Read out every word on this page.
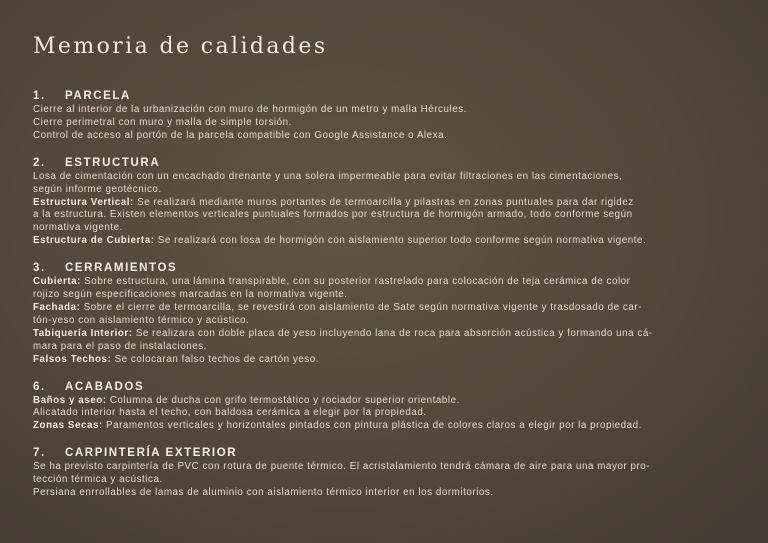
Memoria de calidades
1.	PARCELA

Cierre al interior de la urbanización con muro de hormigón de un metro y malla Hércules.

Cierre perimetral con muro y malla de simple torsión.

Control de acceso al portón de la parcela compatible con Google Assistance o Alexa.

2.	ESTRUCTURA

Losa de cimentación con un encachado drenante y una solera impermeable para evitar filtraciones en las cimentaciones,

según informe geotécnico.

Estructura Vertical: Se realizará mediante muros portantes de termoarcilla y pilastras en zonas puntuales para dar rigidez

a la estructura. Existen elementos verticales puntuales formados por estructura de hormigón armado, todo conforme según

normativa vigente.

Estructura de Cubierta: Se realizará con losa de hormigón con aislamiento superior todo conforme según normativa vigente.

3.	CERRAMIENTOS

Cubierta: Sobre estructura, una lámina transpirable, con su posterior rastrelado para colocación de teja cerámica de color

rojizo según especificaciones marcadas en la normativa vigente.

Fachada: Sobre el cierre de termoarcilla, se revestirá con aislamiento de Sate según normativa vigente y trasdosado de car-

tón-yeso con aislamiento térmico y acústico.

Tabiquería Interior: Se realizara con doble placa de yeso incluyendo lana de roca para absorción acústica y formando una cá-

mara para el paso de instalaciones.

Falsos Techos: Se colocaran falso techos de cartón yeso.

6.	ACABADOS

Baños y aseo: Columna de ducha con grifo termostático y rociador superior orientable.

Alicatado interior hasta el techo, con baldosa cerámica a elegir por la propiedad.

Zonas Secas: Paramentos verticales y horizontales pintados con pintura plástica de colores claros a elegir por la propiedad.

7.	CARPINTERÍA EXTERIOR

Se ha previsto carpintería de PVC con rotura de puente térmico. El acristalamiento tendrá cámara de aire para una mayor pro-

tección térmica y acústica.

Persiana enrrollables de lamas de aluminio con aislamiento térmico interior en los dormitorios.
